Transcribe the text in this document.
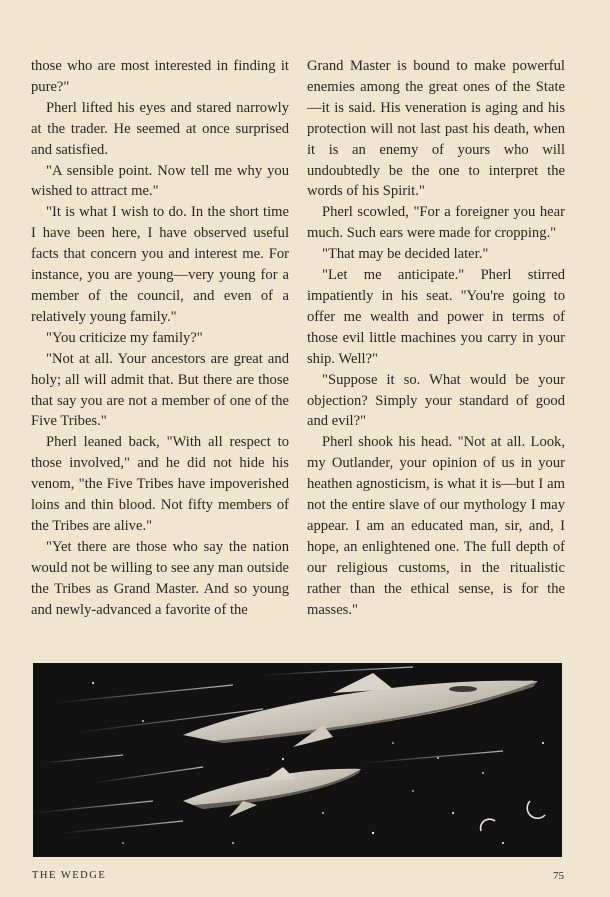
those who are most interested in finding it pure?"

Pherl lifted his eyes and stared narrowly at the trader. He seemed at once surprised and satisfied.

"A sensible point. Now tell me why you wished to attract me."

"It is what I wish to do. In the short time I have been here, I have observed useful facts that concern you and interest me. For instance, you are young—very young for a member of the council, and even of a relatively young family."

"You criticize my family?"

"Not at all. Your ancestors are great and holy; all will admit that. But there are those that say you are not a member of one of the Five Tribes."

Pherl leaned back, "With all respect to those involved," and he did not hide his venom, "the Five Tribes have impoverished loins and thin blood. Not fifty members of the Tribes are alive."

"Yet there are those who say the nation would not be willing to see any man outside the Tribes as Grand Master. And so young and newly-advanced a favorite of the

Grand Master is bound to make powerful enemies among the great ones of the State—it is said. His veneration is aging and his protection will not last past his death, when it is an enemy of yours who will undoubtedly be the one to interpret the words of his Spirit."

Pherl scowled, "For a foreigner you hear much. Such ears were made for cropping."

"That may be decided later."

"Let me anticipate." Pherl stirred impatiently in his seat. "You're going to offer me wealth and power in terms of those evil little machines you carry in your ship. Well?"

"Suppose it so. What would be your objection? Simply your standard of good and evil?"

Pherl shook his head. "Not at all. Look, my Outlander, your opinion of us in your heathen agnosticism, is what it is—but I am not the entire slave of our mythology I may appear. I am an educated man, sir, and, I hope, an enlightened one. The full depth of our religious customs, in the ritualistic rather than the ethical sense, is for the masses."

THE WEDGE	75
